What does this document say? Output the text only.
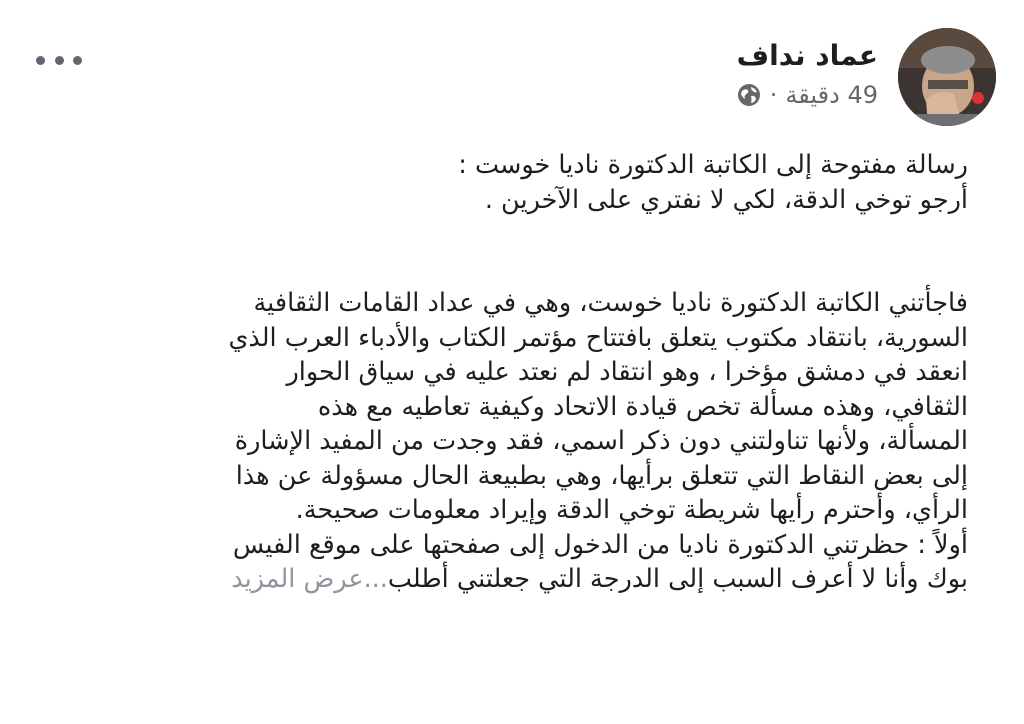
عماد نداف
49 دقيقة
·

رسالة مفتوحة إلى الكاتبة الدكتورة ناديا خوست :

أرجو توخي الدقة، لكي لا نفتري على الآخرين .

فاجأتني الكاتبة الدكتورة ناديا خوست، وهي في عداد القامات الثقافية

السورية، بانتقاد مكتوب يتعلق بافتتاح مؤتمر الكتاب والأدباء العرب الذي

انعقد في دمشق مؤخرا ، وهو انتقاد لم نعتد عليه في سياق الحوار

الثقافي، وهذه مسألة تخص قيادة الاتحاد وكيفية تعاطيه مع هذه

المسألة، ولأنها تناولتني دون ذكر اسمي، فقد وجدت من المفيد الإشارة

إلى بعض النقاط التي تتعلق برأيها، وهي بطبيعة الحال مسؤولة عن هذا

الرأي، وأحترم رأيها شريطة توخي الدقة وإيراد معلومات صحيحة.

أولاً : حظرتني الدكتورة ناديا من الدخول إلى صفحتها على موقع الفيس

بوك وأنا لا أعرف السبب إلى الدرجة التي جعلتني أطلب...عرض المزيد
